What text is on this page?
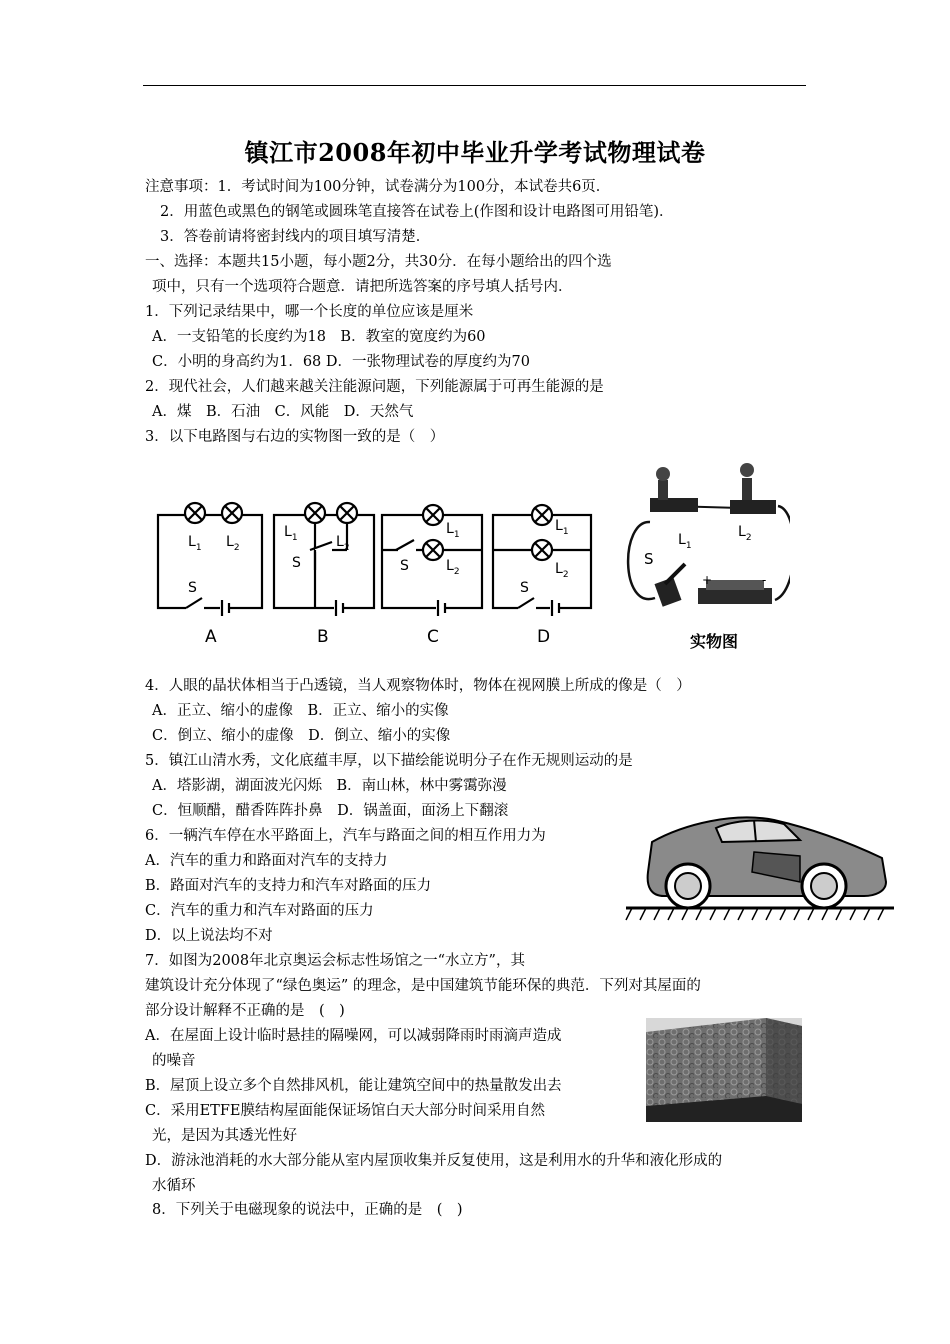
镇江市2008年初中毕业升学考试物理试卷
注意事项：1．考试时间为100分钟，试卷满分为100分，本试卷共6页．
2．用蓝色或黑色的钢笔或圆珠笔直接答在试卷上(作图和设计电路图可用铅笔)．
3．答卷前请将密封线内的项目填写清楚．
一、选择：本题共15小题，每小题2分，共30分．在每小题给出的四个选
项中，只有一个选项符合题意．请把所选答案的序号填人括号内．
1．下列记录结果中，哪一个长度的单位应该是厘米
A．一支铅笔的长度约为18　B．教室的宽度约为60
C．小明的身高约为1．68 D．一张物理试卷的厚度约为70
2．现代社会，人们越来越关注能源问题，下列能源属于可再生能源的是
A．煤　B．石油　C．风能　D．天然气
3．以下电路图与右边的实物图一致的是（　）
$L_1$ $L_2$
S
$L_1$	$L_2$
S
$L_1$
$L_2$
S
$L_1$
$L_2$
S
A	B	C	D
$L_1$
$L_2$
S
+	-
实物图
4．人眼的晶状体相当于凸透镜，当人观察物体时，物体在视网膜上所成的像是（　）
A．正立、缩小的虚像　B．正立、缩小的实像
C．倒立、缩小的虚像　D．倒立、缩小的实像
5．镇江山清水秀，文化底蕴丰厚，以下描绘能说明分子在作无规则运动的是
A．塔影湖，湖面波光闪烁　B．南山林，林中雾霭弥漫
C．恒顺醋，醋香阵阵扑鼻　D．锅盖面，面汤上下翻滚
6．一辆汽车停在水平路面上，汽车与路面之间的相互作用力为
A．汽车的重力和路面对汽车的支持力
B．路面对汽车的支持力和汽车对路面的压力
C．汽车的重力和汽车对路面的压力
D．以上说法均不对
7．如图为2008年北京奥运会标志性场馆之一“水立方”，其
建筑设计充分体现了“绿色奥运” 的理念，是中国建筑节能环保的典范．下列对其屋面的
部分设计解释不正确的是　(　)
A．在屋面上设计临时悬挂的隔噪网，可以减弱降雨时雨滴声造成
的噪音
B．屋顶上设立多个自然排风机，能让建筑空间中的热量散发出去
C．采用ETFE膜结构屋面能保证场馆白天大部分时间采用自然
光，是因为其透光性好
D．游泳池消耗的水大部分能从室内屋顶收集并反复使用，这是利用水的升华和液化形成的
水循环
8．下列关于电磁现象的说法中，正确的是　(　)
